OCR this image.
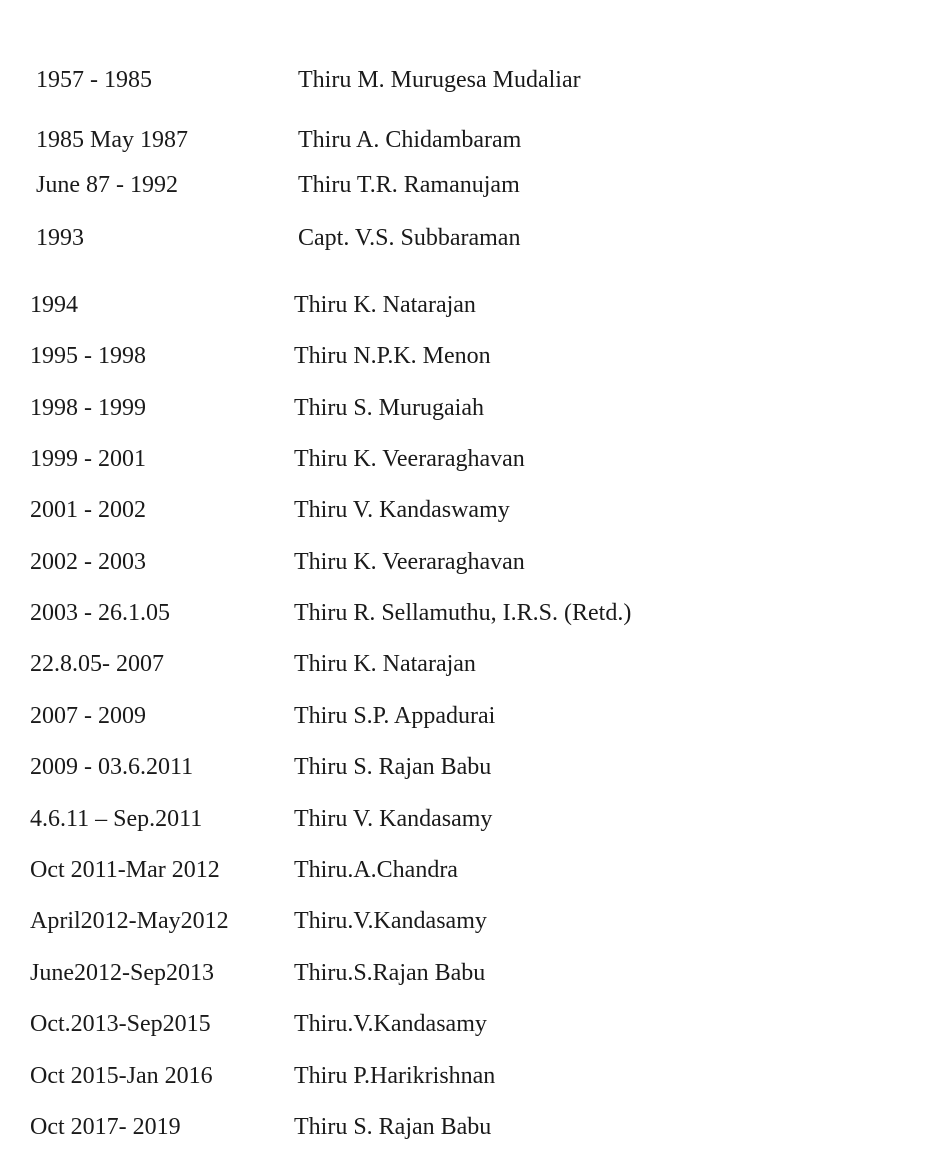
1957 - 1985	Thiru M. Murugesa Mudaliar
1985 May 1987	Thiru A. Chidambaram
June 87 - 1992	Thiru T.R. Ramanujam
1993	Capt. V.S. Subbaraman
1994	Thiru K. Natarajan
1995 - 1998	Thiru N.P.K. Menon
1998 - 1999	Thiru S. Murugaiah
1999 - 2001	Thiru K. Veeraraghavan
2001 - 2002	Thiru V. Kandaswamy
2002 - 2003	Thiru K. Veeraraghavan
2003 - 26.1.05	Thiru R. Sellamuthu, I.R.S. (Retd.)
22.8.05- 2007	Thiru K. Natarajan
2007 - 2009	Thiru S.P. Appadurai
2009 - 03.6.2011	Thiru S. Rajan Babu
4.6.11 – Sep.2011	Thiru V. Kandasamy
Oct 2011-Mar 2012	Thiru.A.Chandra
April2012-May2012	Thiru.V.Kandasamy
June2012-Sep2013	Thiru.S.Rajan Babu
Oct.2013-Sep2015	Thiru.V.Kandasamy
Oct 2015-Jan 2016	Thiru P.Harikrishnan
Oct 2017- 2019	Thiru S. Rajan Babu
